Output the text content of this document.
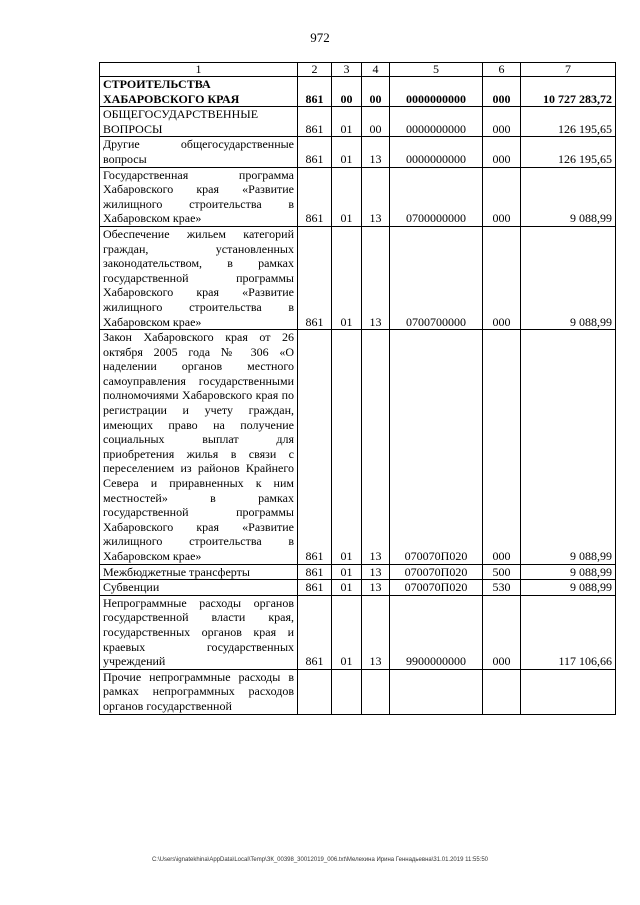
972
1	2	3	4	5	6	7
СТРОИТЕЛЬСТВА ХАБАРОВСКОГО КРАЯ	861	00	00	0000000000	000	10 727 283,72
ОБЩЕГОСУДАРСТВЕННЫЕ ВОПРОСЫ	861	01	00	0000000000	000	126 195,65
Другие общегосударственные вопросы	861	01	13	0000000000	000	126 195,65
Государственная программа Хабаровского края «Развитие жилищного строительства в Хабаровском крае»	861	01	13	0700000000	000	9 088,99
Обеспечение жильем категорий граждан, установленных законодательством, в рамках государственной программы Хабаровского края «Развитие жилищного строительства в Хабаровском крае»	861	01	13	0700700000	000	9 088,99
Закон Хабаровского края от 26 октября 2005 года № 306 «О наделении органов местного самоуправления государственными полномочиями Хабаровского края по регистрации и учету граждан, имеющих право на получение социальных выплат для приобретения жилья в связи с переселением из районов Крайнего Севера и приравненных к ним местностей» в рамках государственной программы Хабаровского края «Развитие жилищного строительства в Хабаровском крае»	861	01	13	070070П020	000	9 088,99
Межбюджетные трансферты	861	01	13	070070П020	500	9 088,99
Субвенции	861	01	13	070070П020	530	9 088,99
Непрограммные расходы органов государственной власти края, государственных органов края и краевых государственных учреждений	861	01	13	9900000000	000	117 106,66
Прочие непрограммные расходы в рамках непрограммных расходов органов государственной						
C:\Users\ignatekhina\AppData\Local\Temp\ЗК_00398_30012019_006.txt\Мелехина Ирина Геннадьевна\31.01.2019 11:55:50
